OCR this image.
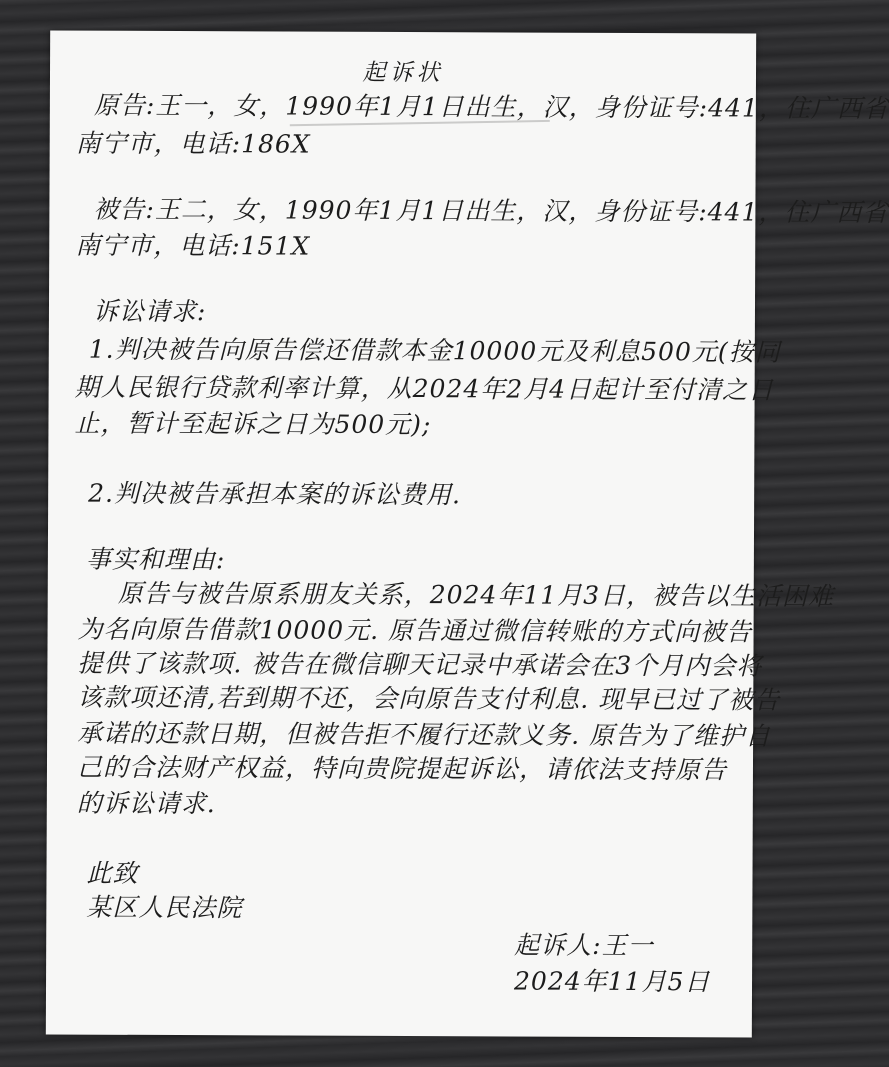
起诉状
原告:王一，女，1990年1月1日出生，汉，身份证号:441，住广西省
南宁市，电话:186X
被告:王二，女，1990年1月1日出生，汉，身份证号:441，住广西省
南宁市，电话:151X
诉讼请求:
1.判决被告向原告偿还借款本金10000元及利息500元(按同
期人民银行贷款利率计算，从2024年2月4日起计至付清之日
止，暂计至起诉之日为500元);
2.判决被告承担本案的诉讼费用.
事实和理由:
原告与被告原系朋友关系，2024年11月3日，被告以生活困难
为名向原告借款10000元. 原告通过微信转账的方式向被告
提供了该款项. 被告在微信聊天记录中承诺会在3个月内会将
该款项还清,若到期不还，会向原告支付利息. 现早已过了被告
承诺的还款日期，但被告拒不履行还款义务. 原告为了维护自
己的合法财产权益，特向贵院提起诉讼，请依法支持原告
的诉讼请求.
此致
某区人民法院
起诉人:王一
2024年11月5日
